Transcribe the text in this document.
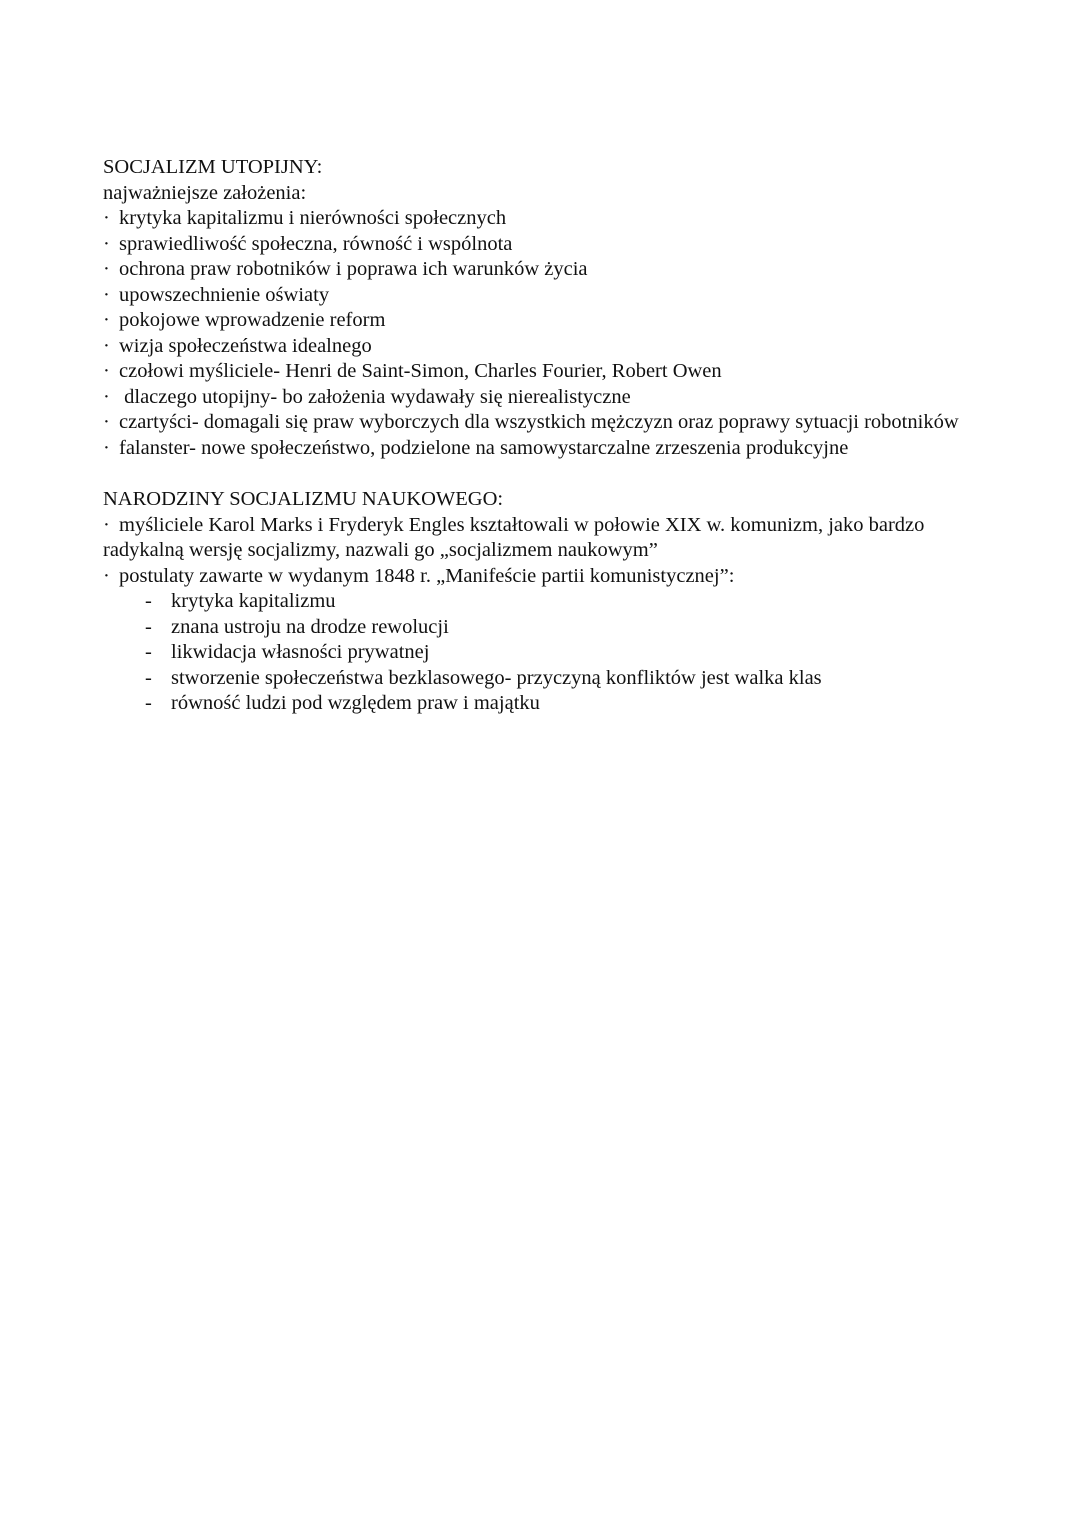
SOCJALIZM UTOPIJNY:
najważniejsze założenia:
· krytyka kapitalizmu i nierówności społecznych
· sprawiedliwość społeczna, równość i wspólnota
· ochrona praw robotników i poprawa ich warunków życia
· upowszechnienie oświaty
· pokojowe wprowadzenie reform
· wizja społeczeństwa idealnego
· czołowi myśliciele- Henri de Saint-Simon, Charles Fourier, Robert Owen
· dlaczego utopijny- bo założenia wydawały się nierealistyczne
· czartyści- domagali się praw wyborczych dla wszystkich mężczyzn oraz poprawy sytuacji robotników
· falanster- nowe społeczeństwo, podzielone na samowystarczalne zrzeszenia produkcyjne
NARODZINY SOCJALIZMU NAUKOWEGO:
· myśliciele Karol Marks i Fryderyk Engles kształtowali w połowie XIX w. komunizm, jako bardzo radykalną wersję socjalizmy, nazwali go „socjalizmem naukowym”
· postulaty zawarte w wydanym 1848 r. „Manifeście partii komunistycznej”:
- krytyka kapitalizmu
- znana ustroju na drodze rewolucji
- likwidacja własności prywatnej
- stworzenie społeczeństwa bezklasowego- przyczyną konfliktów jest walka klas
- równość ludzi pod względem praw i majątku
